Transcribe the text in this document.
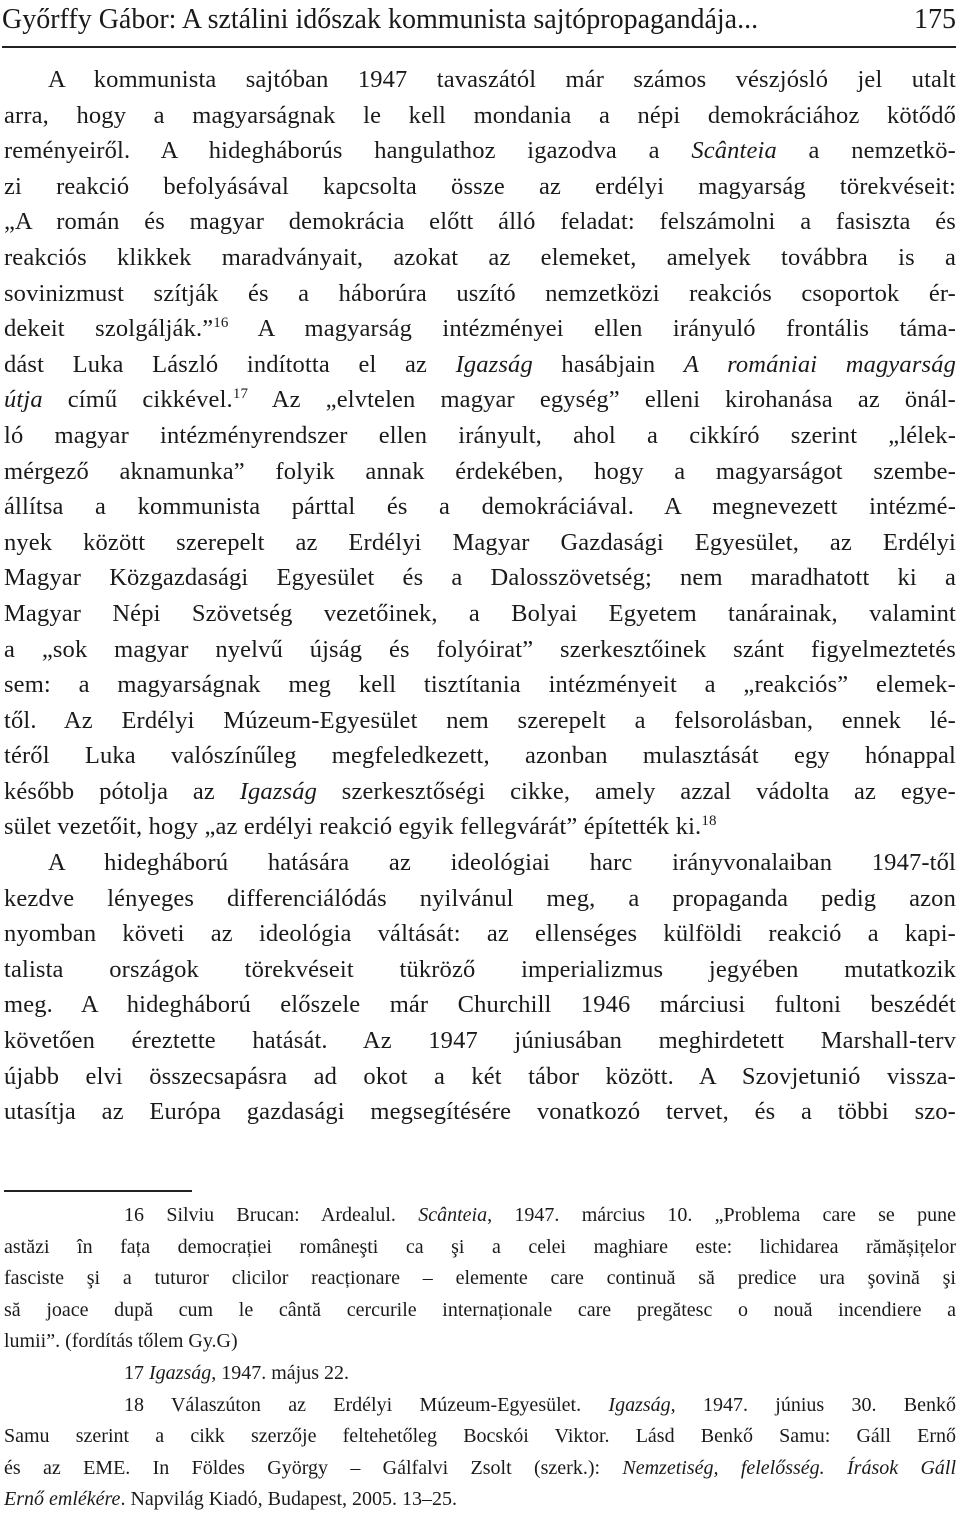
Győrffy Gábor: A sztálini időszak kommunista sajtópropagandája...	175
A kommunista sajtóban 1947 tavaszától már számos vészjósló jel utalt
arra, hogy a magyarságnak le kell mondania a népi demokráciához kötődő
reményeiről. A hidegháborús hangulathoz igazodva a Scânteia a nemzetkö-
zi reakció befolyásával kapcsolta össze az erdélyi magyarság törekvéseit:
„A román és magyar demokrácia előtt álló feladat: felszámolni a fasiszta és
reakciós klikkek maradványait, azokat az elemeket, amelyek továbbra is a
sovinizmust szítják és a háborúra uszító nemzetközi reakciós csoportok ér-
dekeit szolgálják.”$^{16}$ A magyarság intézményei ellen irányuló frontális táma-
dást Luka László indította el az Igazság hasábjain A romániai magyarság
útja című cikkével.$^{17}$ Az „elvtelen magyar egység” elleni kirohanása az önál-
ló magyar intézményrendszer ellen irányult, ahol a cikkíró szerint „lélek-
mérgező aknamunka” folyik annak érdekében, hogy a magyarságot szembe-
állítsa a kommunista párttal és a demokráciával. A megnevezett intézmé-
nyek között szerepelt az Erdélyi Magyar Gazdasági Egyesület, az Erdélyi
Magyar Közgazdasági Egyesület és a Dalosszövetség; nem maradhatott ki a
Magyar Népi Szövetség vezetőinek, a Bolyai Egyetem tanárainak, valamint
a „sok magyar nyelvű újság és folyóirat” szerkesztőinek szánt figyelmeztetés
sem: a magyarságnak meg kell tisztítania intézményeit a „reakciós” elemek-
től. Az Erdélyi Múzeum-Egyesület nem szerepelt a felsorolásban, ennek lé-
téről Luka valószínűleg megfeledkezett, azonban mulasztását egy hónappal
később pótolja az Igazság szerkesztőségi cikke, amely azzal vádolta az egye-
sület vezetőit, hogy „az erdélyi reakció egyik fellegvárát” építették ki.$^{18}$
A hidegháború hatására az ideológiai harc irányvonalaiban 1947-től
kezdve lényeges differenciálódás nyilvánul meg, a propaganda pedig azon
nyomban követi az ideológia váltását: az ellenséges külföldi reakció a kapi-
talista országok törekvéseit tükröző imperializmus jegyében mutatkozik
meg. A hidegháború előszele már Churchill 1946 márciusi fultoni beszédét
követően éreztette hatását. Az 1947 júniusában meghirdetett Marshall-terv
újabb elvi összecsapásra ad okot a két tábor között. A Szovjetunió vissza-
utasítja az Európa gazdasági megsegítésére vonatkozó tervet, és a többi szo-
16 Silviu Brucan: Ardealul. Scânteia, 1947. március 10. „Problema care se pune
astăzi în fața democrației româneşti ca şi a celei maghiare este: lichidarea rămășițelor
fasciste şi a tuturor clicilor reacționare – elemente care continuă să predice ura şovină şi
să joace după cum le cântă cercurile internaționale care pregătesc o nouă incendiere a
lumii”. (fordítás tőlem Gy.G)
17 Igazság, 1947. május 22.
18 Válaszúton az Erdélyi Múzeum-Egyesület. Igazság, 1947. június 30. Benkő
Samu szerint a cikk szerzője feltehetőleg Bocskói Viktor. Lásd Benkő Samu: Gáll Ernő
és az EME. In Földes György – Gálfalvi Zsolt (szerk.): Nemzetiség, felelősség. Írások Gáll
Ernő emlékére. Napvilág Kiadó, Budapest, 2005. 13–25.
